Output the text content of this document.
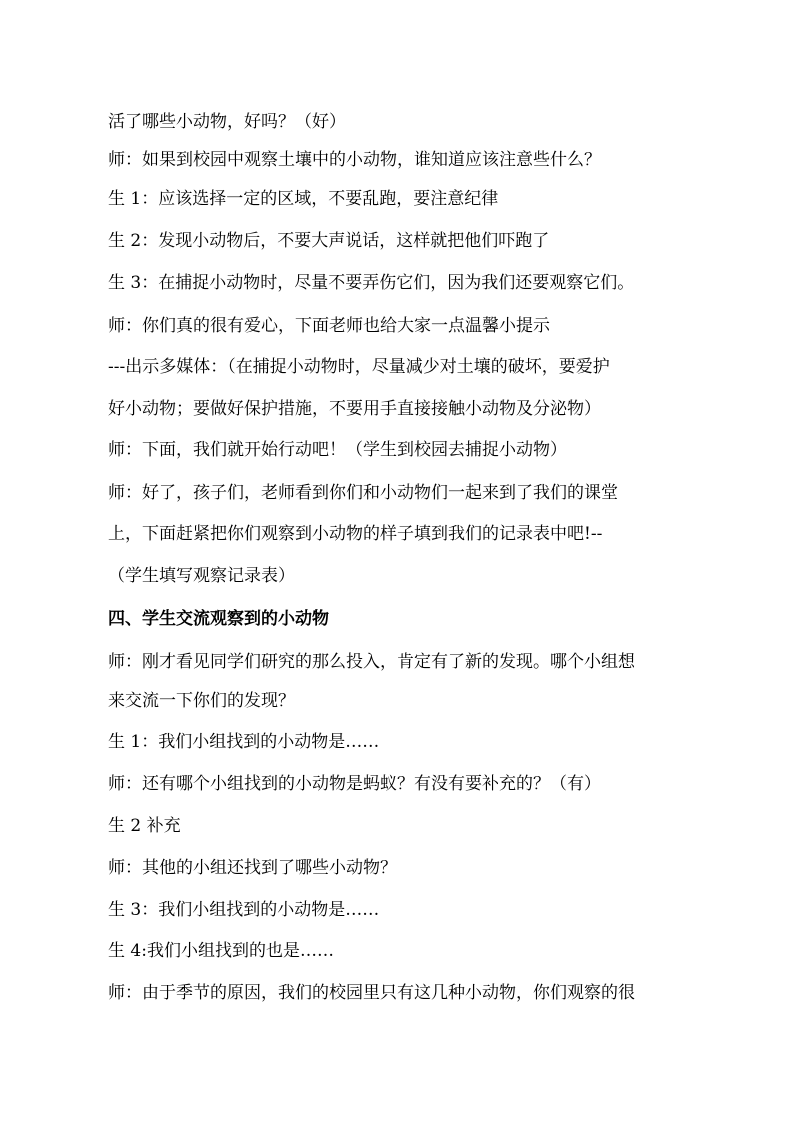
活了哪些小动物，好吗？（好）
师：如果到校园中观察土壤中的小动物，谁知道应该注意些什么？
生 1：应该选择一定的区域，不要乱跑，要注意纪律
生 2：发现小动物后，不要大声说话，这样就把他们吓跑了
生 3：在捕捉小动物时，尽量不要弄伤它们，因为我们还要观察它们。
师：你们真的很有爱心，下面老师也给大家一点温馨小提示
---出示多媒体：（在捕捉小动物时，尽量减少对土壤的破坏，要爱护
好小动物；要做好保护措施，不要用手直接接触小动物及分泌物）
师：下面，我们就开始行动吧！（学生到校园去捕捉小动物）
师：好了，孩子们，老师看到你们和小动物们一起来到了我们的课堂
上，下面赶紧把你们观察到小动物的样子填到我们的记录表中吧!--
（学生填写观察记录表）
四、学生交流观察到的小动物
师：刚才看见同学们研究的那么投入，肯定有了新的发现。哪个小组想
来交流一下你们的发现？
生 1：我们小组找到的小动物是……
师：还有哪个小组找到的小动物是蚂蚁？有没有要补充的？（有）
生 2 补充
师：其他的小组还找到了哪些小动物？
生 3：我们小组找到的小动物是……
生 4:我们小组找到的也是……
师：由于季节的原因，我们的校园里只有这几种小动物，你们观察的很
